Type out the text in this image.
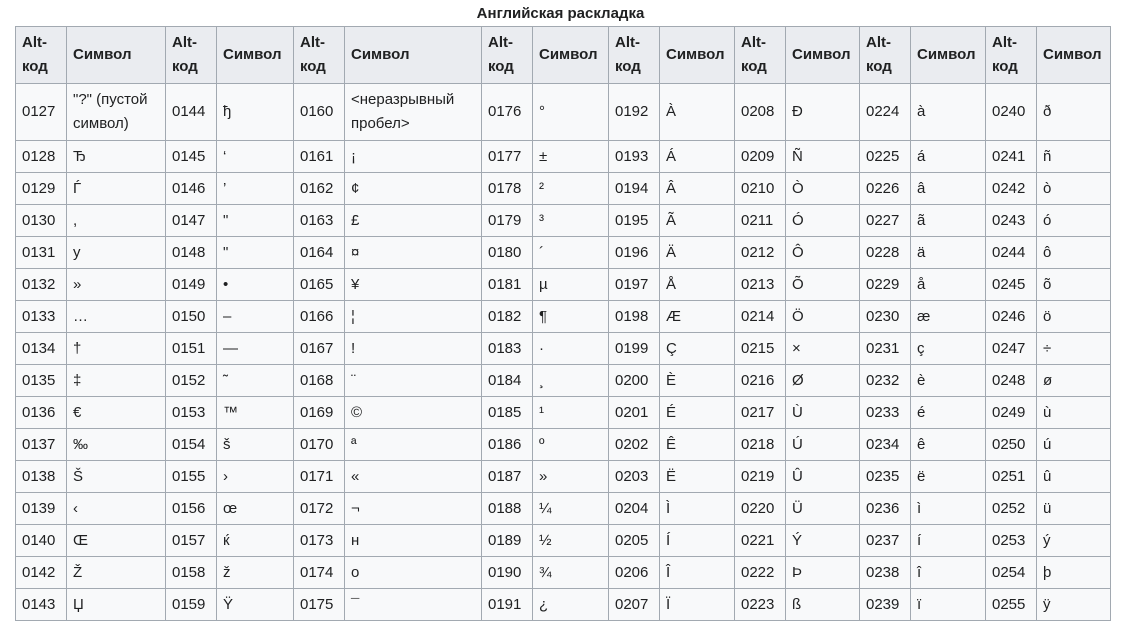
Английская раскладка
Alt-код	Символ	Alt-код	Символ	Alt-код	Символ	Alt-код	Символ	Alt-код	Символ	Alt-код	Символ	Alt-код	Символ	Alt-код	Символ
0127	"?" (пустой символ)	0144	ђ	0160	<неразрывный пробел>	0176	°	0192	À	0208	Ð	0224	à	0240	ð
0128	Ђ	0145	‘	0161	¡	0177	±	0193	Á	0209	Ñ	0225	á	0241	ñ
0129	Ѓ	0146	’	0162	¢	0178	²	0194	Â	0210	Ò	0226	â	0242	ò
0130	,	0147	"	0163	£	0179	³	0195	Ã	0211	Ó	0227	ã	0243	ó
0131	у	0148	"	0164	¤	0180	´	0196	Ä	0212	Ô	0228	ä	0244	ô
0132	»	0149	•	0165	¥	0181	µ	0197	Å	0213	Õ	0229	å	0245	õ
0133	…	0150	–	0166	¦	0182	¶	0198	Æ	0214	Ö	0230	æ	0246	ö
0134	†	0151	—	0167	!	0183	·	0199	Ç	0215	×	0231	ç	0247	÷
0135	‡	0152	˜	0168	¨	0184	¸	0200	È	0216	Ø	0232	è	0248	ø
0136	€	0153	™	0169	©	0185	¹	0201	É	0217	Ù	0233	é	0249	ù
0137	‰	0154	š	0170	ª	0186	º	0202	Ê	0218	Ú	0234	ê	0250	ú
0138	Š	0155	›	0171	«	0187	»	0203	Ë	0219	Û	0235	ë	0251	û
0139	‹	0156	œ	0172	¬	0188	¼	0204	Ì	0220	Ü	0236	ì	0252	ü
0140	Œ	0157	ќ	0173	н	0189	½	0205	Í	0221	Ý	0237	í	0253	ý
0142	Ž	0158	ž	0174	о	0190	¾	0206	Î	0222	Þ	0238	î	0254	þ
0143	Џ	0159	Ÿ	0175	¯	0191	¿	0207	Ï	0223	ß	0239	ï	0255	ÿ
